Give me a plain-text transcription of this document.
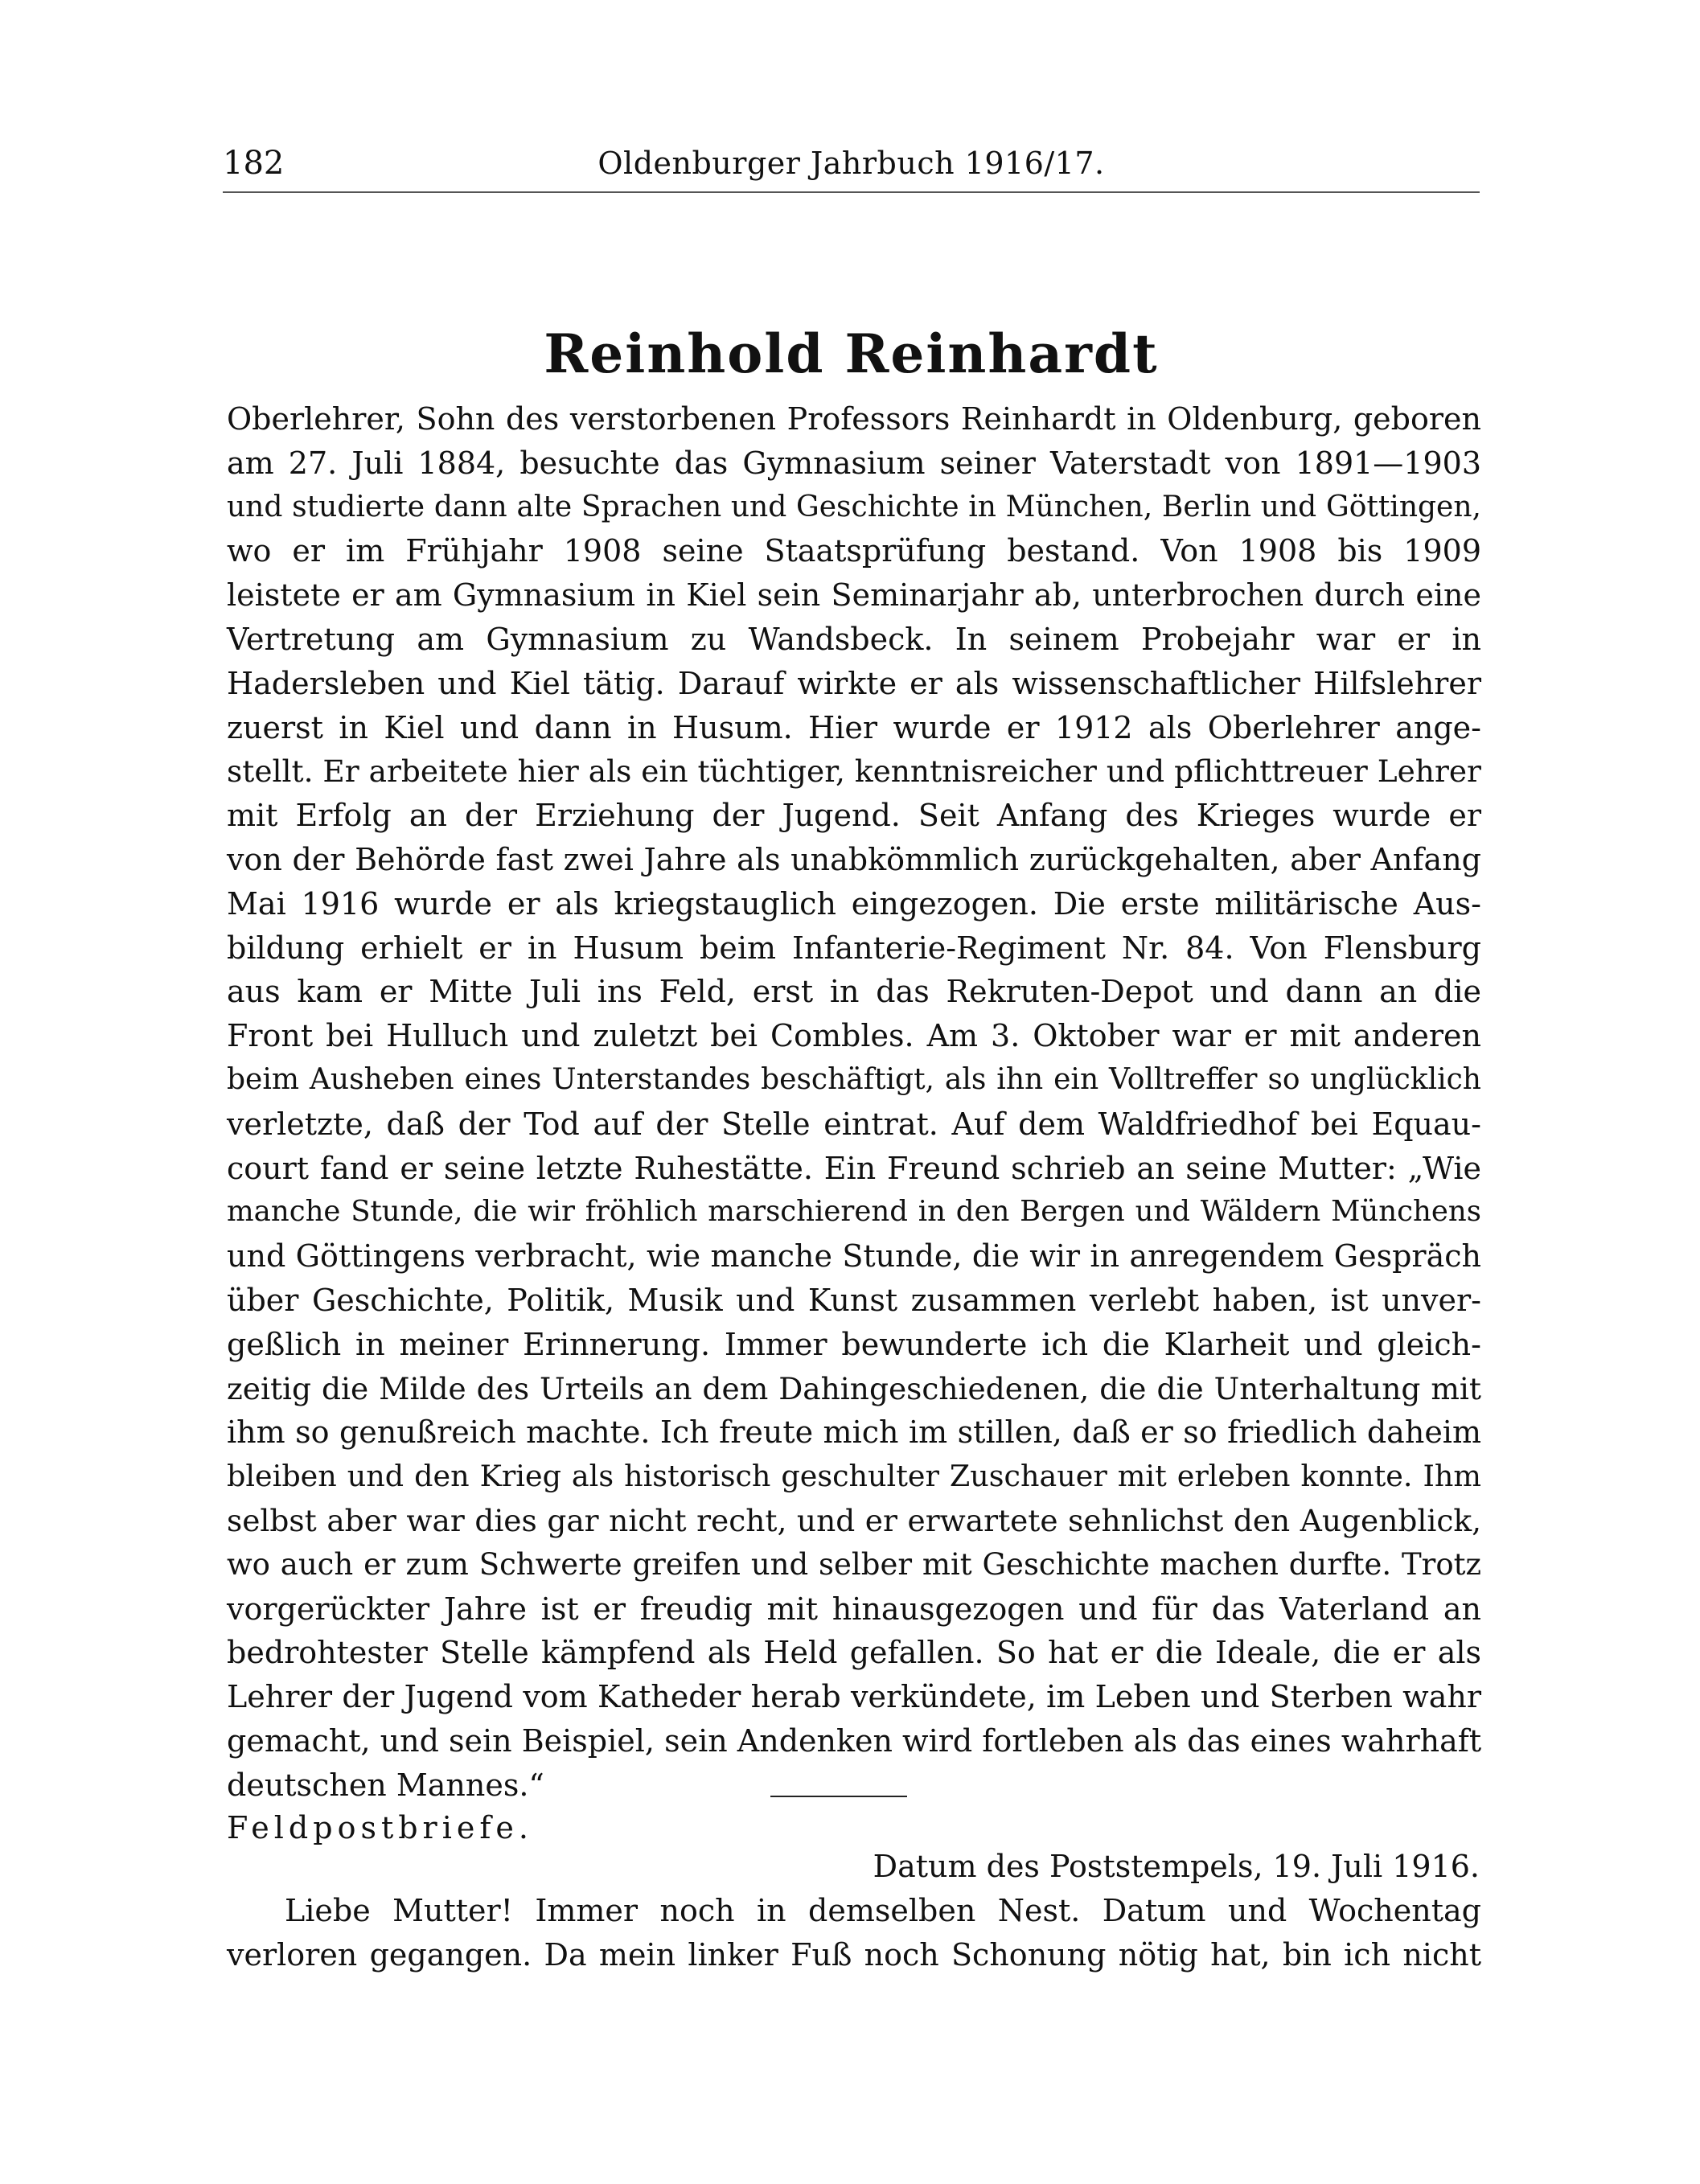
182	Oldenburger Jahrbuch 1916/17.
Reinhold Reinhardt
Oberlehrer, Sohn des verstorbenen Professors Reinhardt in Oldenburg, geboren
am 27. Juli 1884, besuchte das Gymnasium seiner Vaterstadt von 1891—1903
und studierte dann alte Sprachen und Geschichte in München, Berlin und Göttingen,
wo er im Frühjahr 1908 seine Staatsprüfung bestand. Von 1908 bis 1909
leistete er am Gymnasium in Kiel sein Seminarjahr ab, unterbrochen durch eine
Vertretung am Gymnasium zu Wandsbeck. In seinem Probejahr war er in
Hadersleben und Kiel tätig. Darauf wirkte er als wissenschaftlicher Hilfslehrer
zuerst in Kiel und dann in Husum. Hier wurde er 1912 als Oberlehrer ange-
stellt. Er arbeitete hier als ein tüchtiger, kenntnisreicher und pflichttreuer Lehrer
mit Erfolg an der Erziehung der Jugend. Seit Anfang des Krieges wurde er
von der Behörde fast zwei Jahre als unabkömmlich zurückgehalten, aber Anfang
Mai 1916 wurde er als kriegstauglich eingezogen. Die erste militärische Aus-
bildung erhielt er in Husum beim Infanterie-Regiment Nr. 84. Von Flensburg
aus kam er Mitte Juli ins Feld, erst in das Rekruten-Depot und dann an die
Front bei Hulluch und zuletzt bei Combles. Am 3. Oktober war er mit anderen
beim Ausheben eines Unterstandes beschäftigt, als ihn ein Volltreffer so unglücklich
verletzte, daß der Tod auf der Stelle eintrat. Auf dem Waldfriedhof bei Equau-
court fand er seine letzte Ruhestätte. Ein Freund schrieb an seine Mutter: „Wie
manche Stunde, die wir fröhlich marschierend in den Bergen und Wäldern Münchens
und Göttingens verbracht, wie manche Stunde, die wir in anregendem Gespräch
über Geschichte, Politik, Musik und Kunst zusammen verlebt haben, ist unver-
geßlich in meiner Erinnerung. Immer bewunderte ich die Klarheit und gleich-
zeitig die Milde des Urteils an dem Dahingeschiedenen, die die Unterhaltung mit
ihm so genußreich machte. Ich freute mich im stillen, daß er so friedlich daheim
bleiben und den Krieg als historisch geschulter Zuschauer mit erleben konnte. Ihm
selbst aber war dies gar nicht recht, und er erwartete sehnlichst den Augenblick,
wo auch er zum Schwerte greifen und selber mit Geschichte machen durfte. Trotz
vorgerückter Jahre ist er freudig mit hinausgezogen und für das Vaterland an
bedrohtester Stelle kämpfend als Held gefallen. So hat er die Ideale, die er als
Lehrer der Jugend vom Katheder herab verkündete, im Leben und Sterben wahr
gemacht, und sein Beispiel, sein Andenken wird fortleben als das eines wahrhaft
deutschen Mannes.“
Feldpostbriefe.
Datum des Poststempels, 19. Juli 1916.
Liebe Mutter! Immer noch in demselben Nest. Datum und Wochentag
verloren gegangen. Da mein linker Fuß noch Schonung nötig hat, bin ich nicht
